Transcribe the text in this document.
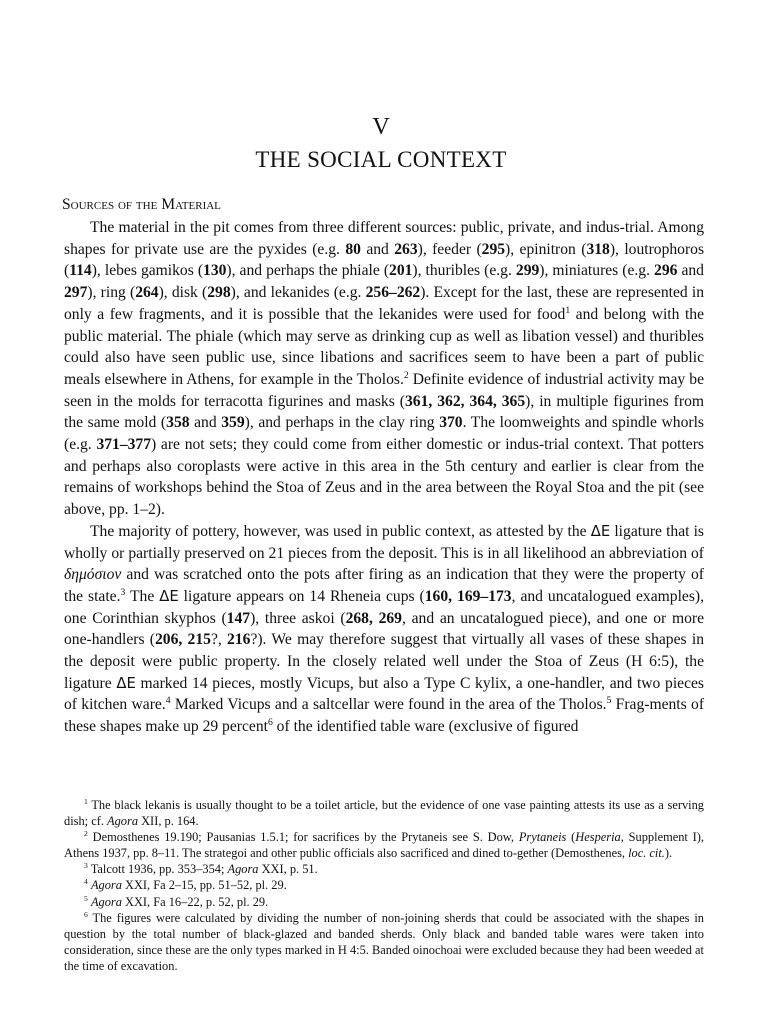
V
THE SOCIAL CONTEXT
Sources of the Material

The material in the pit comes from three different sources: public, private, and indus-trial. Among shapes for private use are the pyxides (e.g. 80 and 263), feeder (295), epinitron (318), loutrophoros (114), lebes gamikos (130), and perhaps the phiale (201), thuribles (e.g. 299), miniatures (e.g. 296 and 297), ring (264), disk (298), and lekanides (e.g. 256–262). Except for the last, these are represented in only a few fragments, and it is possible that the lekanides were used for food$^1$ and belong with the public material. The phiale (which may serve as drinking cup as well as libation vessel) and thuribles could also have seen public use, since libations and sacrifices seem to have been a part of public meals elsewhere in Athens, for example in the Tholos.$^2$ Definite evidence of industrial activity may be seen in the molds for terracotta figurines and masks (361, 362, 364, 365), in multiple figurines from the same mold (358 and 359), and perhaps in the clay ring 370. The loomweights and spindle whorls (e.g. 371–377) are not sets; they could come from either domestic or indus-trial context. That potters and perhaps also coroplasts were active in this area in the 5th century and earlier is clear from the remains of workshops behind the Stoa of Zeus and in the area between the Royal Stoa and the pit (see above, pp. 1–2).

The majority of pottery, however, was used in public context, as attested by the ΔΕ ligature that is wholly or partially preserved on 21 pieces from the deposit. This is in all likelihood an abbreviation of δημόσιον and was scratched onto the pots after firing as an indication that they were the property of the state.$^3$ The ΔΕ ligature appears on 14 Rheneia cups (160, 169–173, and uncatalogued examples), one Corinthian skyphos (147), three askoi (268, 269, and an uncatalogued piece), and one or more one-handlers (206, 215?, 216?). We may therefore suggest that virtually all vases of these shapes in the deposit were public property. In the closely related well under the Stoa of Zeus (H 6:5), the ligature ΔΕ marked 14 pieces, mostly Vicups, but also a Type C kylix, a one-handler, and two pieces of kitchen ware.$^4$ Marked Vicups and a saltcellar were found in the area of the Tholos.$^5$ Frag-ments of these shapes make up 29 percent$^6$ of the identified table ware (exclusive of figured

$^1$ The black lekanis is usually thought to be a toilet article, but the evidence of one vase painting attests its use as a serving dish; cf. Agora XII, p. 164.

$^2$ Demosthenes 19.190; Pausanias 1.5.1; for sacrifices by the Prytaneis see S. Dow, Prytaneis (Hesperia, Supplement I), Athens 1937, pp. 8–11. The strategoi and other public officials also sacrificed and dined to-gether (Demosthenes, loc. cit.).

$^3$ Talcott 1936, pp. 353–354; Agora XXI, p. 51.

$^4$ Agora XXI, Fa 2–15, pp. 51–52, pl. 29.

$^5$ Agora XXI, Fa 16–22, p. 52, pl. 29.

$^6$ The figures were calculated by dividing the number of non-joining sherds that could be associated with the shapes in question by the total number of black-glazed and banded sherds. Only black and banded table wares were taken into consideration, since these are the only types marked in H 4:5. Banded oinochoai were excluded because they had been weeded at the time of excavation.
